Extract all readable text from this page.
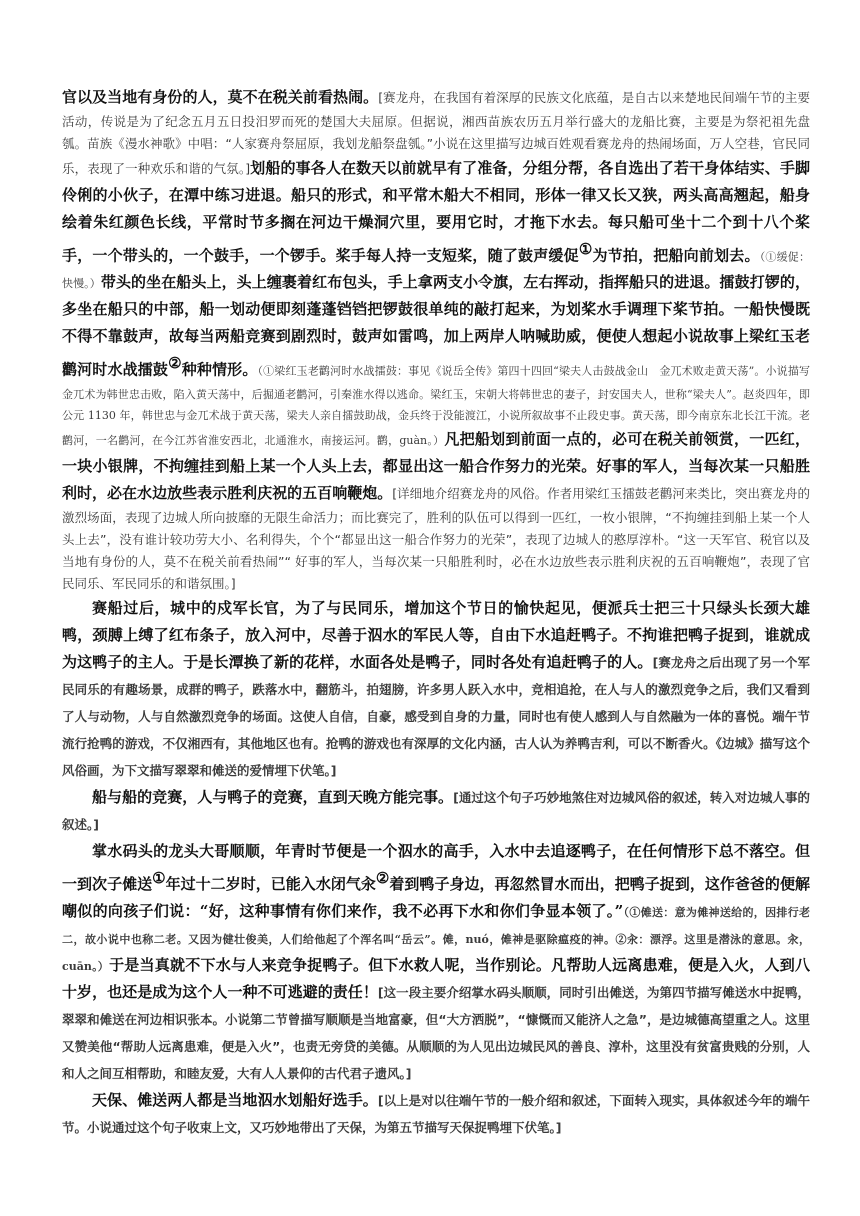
官以及当地有身份的人，莫不在税关前看热闹。[赛龙舟，在我国有着深厚的民族文化底蕴，是自古以来楚地民间端午节的主要活动，传说是为了纪念五月五日投汨罗而死的楚国大夫屈原。但据说，湘西苗族农历五月举行盛大的龙船比赛，主要是为祭祀祖先盘瓠。苗族《漫水神歌》中唱：“人家赛舟祭屈原，我划龙船祭盘瓠。”小说在这里描写边城百姓观看赛龙舟的热闹场面，万人空巷，官民同乐，表现了一种欢乐和谐的气氛。]划船的事各人在数天以前就早有了准备，分组分帮，各自选出了若干身体结实、手脚伶俐的小伙子，在潭中练习进退。船只的形式，和平常木船大不相同，形体一律又长又狭，两头高高翘起，船身绘着朱红颜色长线，平常时节多搁在河边干燥洞穴里，要用它时，才拖下水去。每只船可坐十二个到十八个桨手，一个带头的，一个鼓手，一个锣手。桨手每人持一支短桨，随了鼓声缓促①为节拍，把船向前划去。（①缓促：快慢。）带头的坐在船头上，头上缠裹着红布包头，手上拿两支小令旗，左右挥动，指挥船只的进退。擂鼓打锣的，多坐在船只的中部，船一划动便即刻蓬蓬铛铛把锣鼓很单纯的敲打起来，为划桨水手调理下桨节拍。一船快慢既不得不靠鼓声，故每当两船竞赛到剧烈时，鼓声如雷鸣，加上两岸人呐喊助威，便使人想起小说故事上梁红玉老鹳河时水战擂鼓②种种情形。（①梁红玉老鹳河时水战擂鼓：事见《说岳全传》第四十四回“梁夫人击鼓战金山　金兀术败走黄天荡”。小说描写金兀术为韩世忠击败，陷入黄天荡中，后掘通老鹳河，引秦淮水得以逃命。梁红玉，宋朝大将韩世忠的妻子，封安国夫人，世称“梁夫人”。赵炎四年，即公元 1130 年，韩世忠与金兀术战于黄天荡，梁夫人亲自擂鼓助战，金兵终于没能渡江，小说所叙故事不止段史事。黄天荡，即今南京东北长江干流。老鹳河，一名鹳河，在今江苏省淮安西北，北通淮水，南接运河。鹳，guàn。）凡把船划到前面一点的，必可在税关前领赏，一匹红，一块小银牌，不拘缠挂到船上某一个人头上去，都显出这一船合作努力的光荣。好事的军人，当每次某一只船胜利时，必在水边放些表示胜利庆祝的五百响鞭炮。[详细地介绍赛龙舟的风俗。作者用梁红玉擂鼓老鹳河来类比，突出赛龙舟的激烈场面，表现了边城人所向披靡的无限生命活力；而比赛完了，胜利的队伍可以得到一匹红，一枚小银牌，“不拘缠挂到船上某一个人头上去”，没有谁计较功劳大小、名利得失，个个“都显出这一船合作努力的光荣”，表现了边城人的憨厚淳朴。“这一天军官、税官以及当地有身份的人，莫不在税关前看热闹”“ 好事的军人，当每次某一只船胜利时，必在水边放些表示胜利庆祝的五百响鞭炮”，表现了官民同乐、军民同乐的和谐氛围。]

赛船过后，城中的戍军长官，为了与民同乐，增加这个节日的愉快起见，便派兵士把三十只绿头长颈大雄鸭，颈膊上缚了红布条子，放入河中，尽善于泅水的军民人等，自由下水追赶鸭子。不拘谁把鸭子捉到，谁就成为这鸭子的主人。于是长潭换了新的花样，水面各处是鸭子，同时各处有追赶鸭子的人。[赛龙舟之后出现了另一个军民同乐的有趣场景，成群的鸭子，跌落水中，翻筋斗，拍翅膀，许多男人跃入水中，竞相追抢，在人与人的激烈竞争之后，我们又看到了人与动物，人与自然激烈竞争的场面。这使人自信，自豪，感受到自身的力量，同时也有使人感到人与自然融为一体的喜悦。端午节流行抢鸭的游戏，不仅湘西有，其他地区也有。抢鸭的游戏也有深厚的文化内涵，古人认为养鸭吉利，可以不断香火。《边城》描写这个风俗画，为下文描写翠翠和傩送的爱情埋下伏笔。]

船与船的竞赛，人与鸭子的竞赛，直到天晚方能完事。[通过这个句子巧妙地煞住对边城风俗的叙述，转入对边城人事的叙述。]

掌水码头的龙头大哥顺顺，年青时节便是一个泅水的高手，入水中去追逐鸭子，在任何情形下总不落空。但一到次子傩送①年过十二岁时，已能入水闭气汆②着到鸭子身边，再忽然冒水而出，把鸭子捉到，这作爸爸的便解嘲似的向孩子们说：“好，这种事情有你们来作，我不必再下水和你们争显本领了。”（①傩送：意为傩神送给的，因排行老二，故小说中也称二老。又因为健壮俊美，人们给他起了个浑名叫“岳云”。傩，nuó，傩神是驱除瘟疫的神。②汆：漂浮。这里是潜泳的意思。汆，cuān。）于是当真就不下水与人来竞争捉鸭子。但下水救人呢，当作别论。凡帮助人远离患难，便是入火，人到八十岁，也还是成为这个人一种不可逃避的责任！[这一段主要介绍掌水码头顺顺，同时引出傩送，为第四节描写傩送水中捉鸭，翠翠和傩送在河边相识张本。小说第二节曾描写顺顺是当地富豪，但“大方洒脱”，“慷慨而又能济人之急”，是边城德高望重之人。这里又赞美他“帮助人远离患难，便是入火”，也责无旁贷的美德。从顺顺的为人见出边城民风的善良、淳朴，这里没有贫富贵贱的分别，人和人之间互相帮助，和睦友爱，大有人人景仰的古代君子遗风。]

天保、傩送两人都是当地泅水划船好选手。[以上是对以往端午节的一般介绍和叙述，下面转入现实，具体叙述今年的端午节。小说通过这个句子收束上文，又巧妙地带出了天保，为第五节描写天保捉鸭埋下伏笔。]
